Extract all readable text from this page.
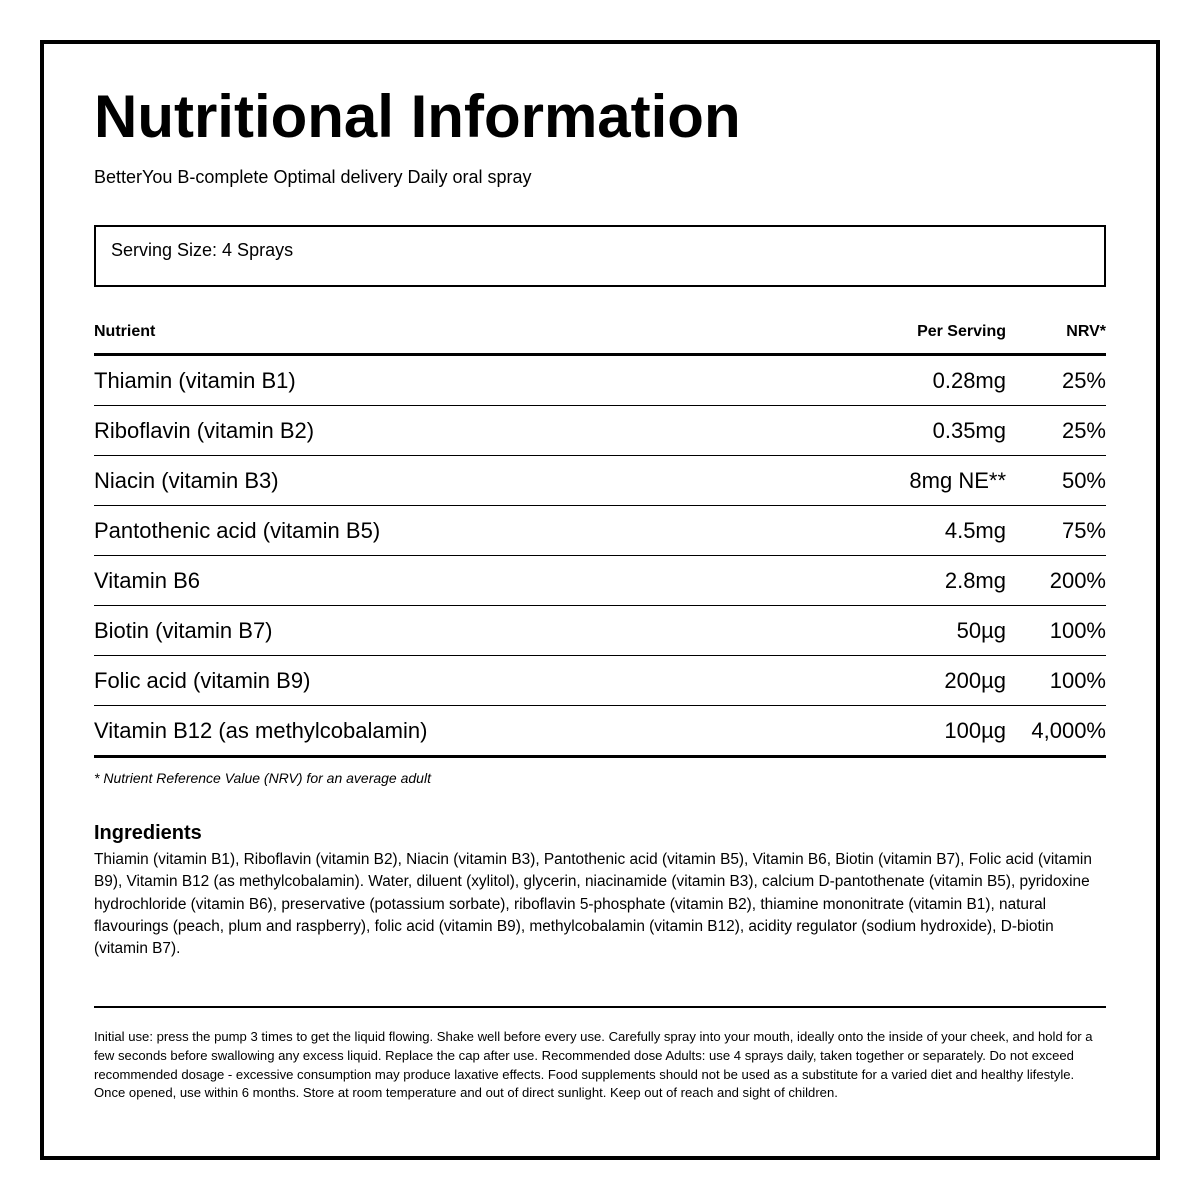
Nutritional Information
BetterYou B-complete Optimal delivery Daily oral spray
Serving Size: 4 Sprays
Nutrient	Per Serving	NRV*
Thiamin (vitamin B1)	0.28mg	25%
Riboflavin (vitamin B2)	0.35mg	25%
Niacin (vitamin B3)	8mg NE**	50%
Pantothenic acid (vitamin B5)	4.5mg	75%
Vitamin B6	2.8mg	200%
Biotin (vitamin B7)	50µg	100%
Folic acid (vitamin B9)	200µg	100%
Vitamin B12 (as methylcobalamin)	100µg	4,000%
* Nutrient Reference Value (NRV) for an average adult
Ingredients
Thiamin (vitamin B1), Riboflavin (vitamin B2), Niacin (vitamin B3), Pantothenic acid (vitamin B5), Vitamin B6, Biotin (vitamin B7), Folic acid (vitamin B9), Vitamin B12 (as methylcobalamin). Water, diluent (xylitol), glycerin, niacinamide (vitamin B3), calcium D-pantothenate (vitamin B5), pyridoxine hydrochloride (vitamin B6), preservative (potassium sorbate), riboflavin 5-phosphate (vitamin B2), thiamine mononitrate (vitamin B1), natural flavourings (peach, plum and raspberry), folic acid (vitamin B9), methylcobalamin (vitamin B12), acidity regulator (sodium hydroxide), D-biotin (vitamin B7).
Initial use: press the pump 3 times to get the liquid flowing. Shake well before every use. Carefully spray into your mouth, ideally onto the inside of your cheek, and hold for a few seconds before swallowing any excess liquid. Replace the cap after use. Recommended dose Adults: use 4 sprays daily, taken together or separately. Do not exceed recommended dosage - excessive consumption may produce laxative effects. Food supplements should not be used as a substitute for a varied diet and healthy lifestyle. Once opened, use within 6 months. Store at room temperature and out of direct sunlight. Keep out of reach and sight of children.
